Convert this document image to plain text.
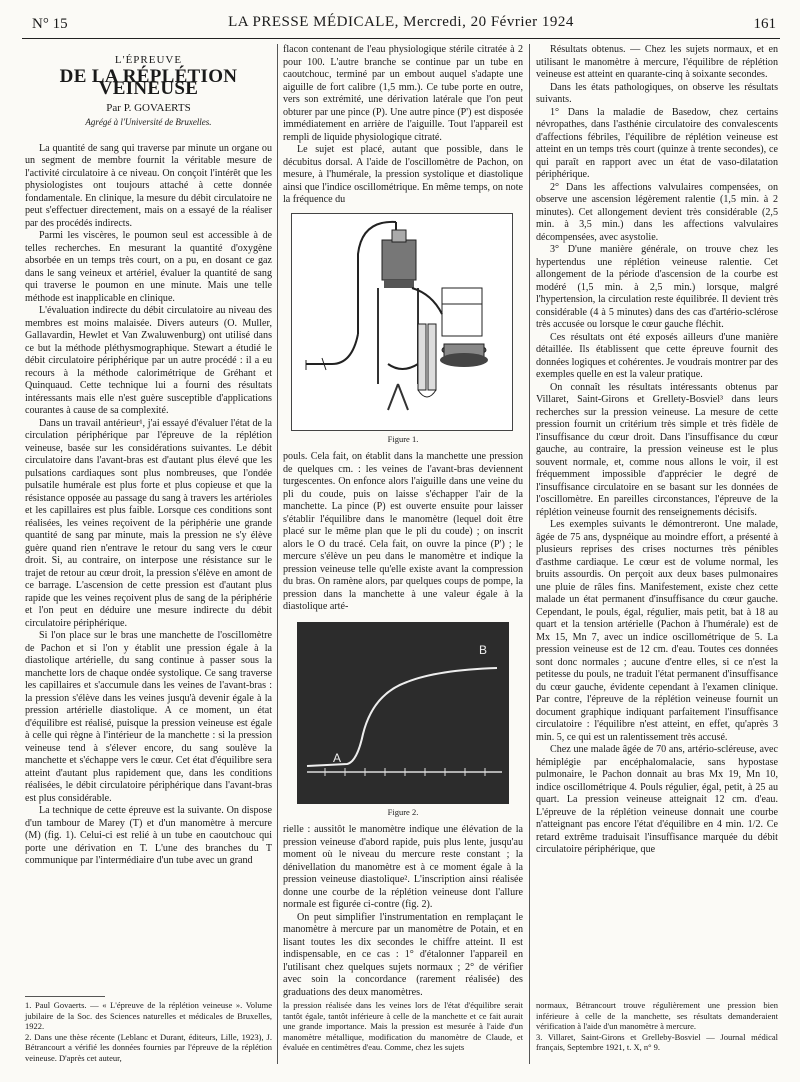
N° 15	LA PRESSE MÉDICALE, Mercredi, 20 Février 1924	161
L'ÉPREUVE
DE LA RÉPLÉTION VEINEUSE
Par P. GOVAERTS
Agrégé à l'Université de Bruxelles.

La quantité de sang qui traverse par minute un organe ou un segment de membre fournit la véritable mesure de l'activité circulatoire à ce niveau. On conçoit l'intérêt que les physiologistes ont toujours attaché à cette donnée fondamentale. En clinique, la mesure du débit circulatoire ne peut s'effectuer directement, mais on a essayé de la réaliser par des procédés indirects.

Parmi les viscères, le poumon seul est accessible à de telles recherches. En mesurant la quantité d'oxygène absorbée en un temps très court, on a pu, en dosant ce gaz dans le sang veineux et artériel, évaluer la quantité de sang qui traverse le poumon en une minute. Mais une telle méthode est inapplicable en clinique.

L'évaluation indirecte du débit circulatoire au niveau des membres est moins malaisée. Divers auteurs (O. Muller, Gallavardin, Hewlet et Van Zwaluwenburg) ont utilisé dans ce but la méthode pléthysmographique. Stewart a étudié le débit circulatoire périphérique par un autre procédé : il a eu recours à la méthode calorimétrique de Gréhant et Quinquaud. Cette technique lui a fourni des résultats intéressants mais elle n'est guère susceptible d'applications courantes à cause de sa complexité.

Dans un travail antérieur¹, j'ai essayé d'évaluer l'état de la circulation périphérique par l'épreuve de la réplétion veineuse, basée sur les considérations suivantes. Le débit circulatoire dans l'avant-bras est d'autant plus élevé que les pulsations cardiaques sont plus nombreuses, que l'ondée pulsatile humérale est plus forte et plus copieuse et que la résistance opposée au passage du sang à travers les artérioles et les capillaires est plus faible. Lorsque ces conditions sont réalisées, les veines reçoivent de la périphérie une grande quantité de sang par minute, mais la pression ne s'y élève guère quand rien n'entrave le retour du sang vers le cœur droit. Si, au contraire, on interpose une résistance sur le trajet de retour au cœur droit, la pression s'élève en amont de ce barrage. L'ascension de cette pression est d'autant plus rapide que les veines reçoivent plus de sang de la périphérie et l'on peut en déduire une mesure indirecte du débit circulatoire périphérique.

Si l'on place sur le bras une manchette de l'oscillomètre de Pachon et si l'on y établit une pression égale à la diastolique artérielle, du sang continue à passer sous la manchette lors de chaque ondée systolique. Ce sang traverse les capillaires et s'accumule dans les veines de l'avant-bras : la pression s'élève dans les veines jusqu'à devenir égale à la pression artérielle diastolique. A ce moment, un état d'équilibre est réalisé, puisque la pression veineuse est égale à celle qui règne à l'intérieur de la manchette : si la pression veineuse tend à s'élever encore, du sang soulève la manchette et s'échappe vers le cœur. Cet état d'équilibre sera atteint d'autant plus rapidement que, dans les conditions réalisées, le débit circulatoire périphérique dans l'avant-bras est plus considérable.

La technique de cette épreuve est la suivante. On dispose d'un tambour de Marey (T) et d'un manomètre à mercure (M) (fig. 1). Celui-ci est relié à un tube en caoutchouc qui porte une dérivation en T. L'une des branches du T communique par l'intermédiaire d'un tube avec un grand

flacon contenant de l'eau physiologique stérile citratée à 2 pour 100. L'autre branche se continue par un tube en caoutchouc, terminé par un embout auquel s'adapte une aiguille de fort calibre (1,5 mm.). Ce tube porte en outre, vers son extrémité, une dérivation latérale que l'on peut obturer par une pince (P). Une autre pince (P') est disposée immédiatement en arrière de l'aiguille. Tout l'appareil est rempli de liquide physiologique citraté.

Le sujet est placé, autant que possible, dans le décubitus dorsal. A l'aide de l'oscillomètre de Pachon, on mesure, à l'humérale, la pression systolique et diastolique ainsi que l'indice oscillométrique. En même temps, on note la fréquence du

Figure 1.

pouls. Cela fait, on établit dans la manchette une pression de quelques cm. : les veines de l'avant-bras deviennent turgescentes. On enfonce alors l'aiguille dans une veine du pli du coude, puis on laisse s'échapper l'air de la manchette. La pince (P) est ouverte ensuite pour laisser s'établir l'équilibre dans le manomètre (lequel doit être placé sur le même plan que le pli du coude) ; on inscrit alors le O du tracé. Cela fait, on ouvre la pince (P') ; le mercure s'élève un peu dans le manomètre et indique la pression veineuse telle qu'elle existe avant la compression du bras. On ramène alors, par quelques coups de pompe, la pression dans la manchette à une valeur égale à la diastolique arté-

A
B
Figure 2.

rielle : aussitôt le manomètre indique une élévation de la pression veineuse d'abord rapide, puis plus lente, jusqu'au moment où le niveau du mercure reste constant ; la dénivellation du manomètre est à ce moment égale à la pression veineuse diastolique². L'inscription ainsi réalisée donne une courbe de la réplétion veineuse dont l'allure normale est figurée ci-contre (fig. 2).

On peut simplifier l'instrumentation en remplaçant le manomètre à mercure par un manomètre de Potain, et en lisant toutes les dix secondes le chiffre atteint. Il est indispensable, en ce cas : 1° d'étalonner l'appareil en l'utilisant chez quelques sujets normaux ; 2° de vérifier avec soin la concordance (rarement réalisée) des graduations des deux manomètres.

Résultats obtenus. — Chez les sujets normaux, et en utilisant le manomètre à mercure, l'équilibre de réplétion veineuse est atteint en quarante-cinq à soixante secondes.

Dans les états pathologiques, on observe les résultats suivants.

1° Dans la maladie de Basedow, chez certains névropathes, dans l'asthénie circulatoire des convalescents d'affections fébriles, l'équilibre de réplétion veineuse est atteint en un temps très court (quinze à trente secondes), ce qui paraît en rapport avec un état de vaso-dilatation périphérique.

2° Dans les affections valvulaires compensées, on observe une ascension légèrement ralentie (1,5 min. à 2 minutes). Cet allongement devient très considérable (2,5 min. à 3,5 min.) dans les affections valvulaires décompensées, avec asystolie.

3° D'une manière générale, on trouve chez les hypertendus une réplétion veineuse ralentie. Cet allongement de la période d'ascension de la courbe est modéré (1,5 min. à 2,5 min.) lorsque, malgré l'hypertension, la circulation reste équilibrée. Il devient très considérable (4 à 5 minutes) dans des cas d'artério-sclérose très accusée ou lorsque le cœur gauche fléchit.

Ces résultats ont été exposés ailleurs d'une manière détaillée. Ils établissent que cette épreuve fournit des données logiques et cohérentes. Je voudrais montrer par des exemples quelle en est la valeur pratique.

On connaît les résultats intéressants obtenus par Villaret, Saint-Girons et Grellety-Bosviel³ dans leurs recherches sur la pression veineuse. La mesure de cette pression fournit un critérium très simple et très fidèle de l'insuffisance du cœur droit. Dans l'insuffisance du cœur gauche, au contraire, la pression veineuse est le plus souvent normale, et, comme nous allons le voir, il est fréquemment impossible d'apprécier le degré de l'insuffisance circulatoire en se basant sur les données de l'oscillomètre. En pareilles circonstances, l'épreuve de la réplétion veineuse fournit des renseignements décisifs.

Les exemples suivants le démontreront. Une malade, âgée de 75 ans, dyspnéique au moindre effort, a présenté à plusieurs reprises des crises nocturnes très pénibles d'asthme cardiaque. Le cœur est de volume normal, les bruits assourdis. On perçoit aux deux bases pulmonaires une pluie de râles fins. Manifestement, existe chez cette malade un état permanent d'insuffisance du cœur gauche. Cependant, le pouls, égal, régulier, mais petit, bat à 18 au quart et la tension artérielle (Pachon à l'humérale) est de Mx 15, Mn 7, avec un indice oscillométrique de 5. La pression veineuse est de 12 cm. d'eau. Toutes ces données sont donc normales ; aucune d'entre elles, si ce n'est la petitesse du pouls, ne traduit l'état permanent d'insuffisance du cœur gauche, évidente cependant à l'examen clinique. Par contre, l'épreuve de la réplétion veineuse fournit un document graphique indiquant parfaitement l'insuffisance circulatoire : l'équilibre n'est atteint, en effet, qu'après 3 min. 5, ce qui est un ralentissement très accusé.

Chez une malade âgée de 70 ans, artério-scléreuse, avec hémiplégie par encéphalomalacie, sans hypostase pulmonaire, le Pachon donnait au bras Mx 19, Mn 10, indice oscillométrique 4. Pouls régulier, égal, petit, à 25 au quart. La pression veineuse atteignait 12 cm. d'eau. L'épreuve de la réplétion veineuse donnait une courbe n'atteignant pas encore l'état d'équilibre en 4 min. 1/2. Ce retard extrême traduisait l'insuffisance marquée du débit circulatoire périphérique, que

1. Paul Govaerts. — « L'épreuve de la réplétion veineuse ». Volume jubilaire de la Soc. des Sciences naturelles et médicales de Bruxelles, 1922.
2. Dans une thèse récente (Leblanc et Durant, éditeurs, Lille, 1923), J. Bétrancourt a vérifié les données fournies par l'épreuve de la réplétion veineuse. D'après cet auteur,
la pression réalisée dans les veines lors de l'état d'équilibre serait tantôt égale, tantôt inférieure à celle de la manchette et ce fait aurait une grande importance. Mais la pression est mesurée à l'aide d'un manomètre métallique, modification du manomètre de Claude, et évaluée en centimètres d'eau. Comme, chez les sujets
normaux, Bétrancourt trouve régulièrement une pression bien inférieure à celle de la manchette, ses résultats demanderaient vérification à l'aide d'un manomètre à mercure.
3. Villaret, Saint-Girons et Grelleby-Bosviel — Journal médical français, Septembre 1921, t. X, n° 9.
